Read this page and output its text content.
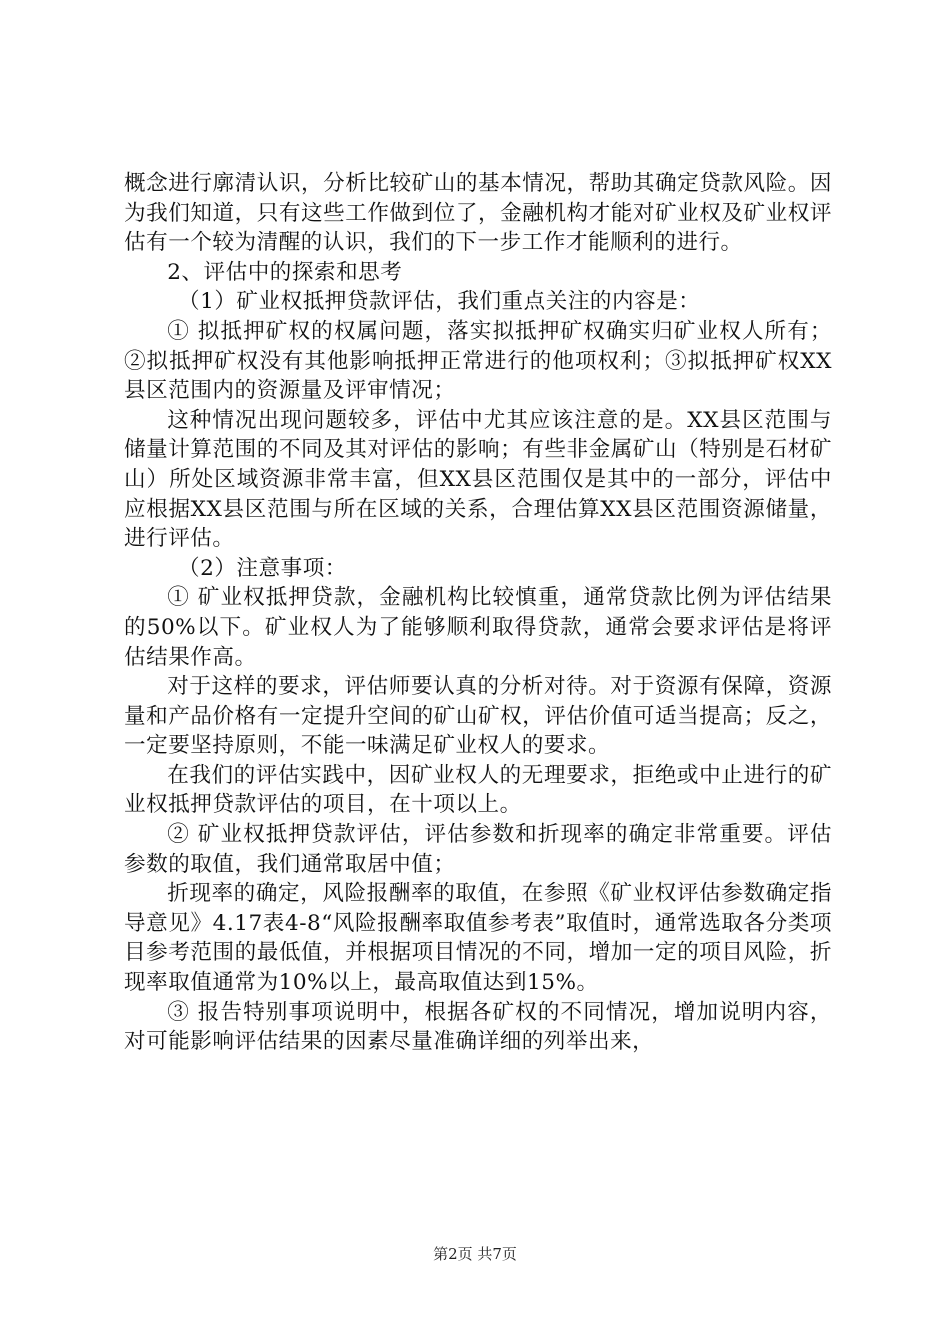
概念进行廓清认识，分析比较矿山的基本情况，帮助其确定贷款风险。因为我们知道，只有这些工作做到位了，金融机构才能对矿业权及矿业权评估有一个较为清醒的认识，我们的下一步工作才能顺利的进行。

2、评估中的探索和思考

（1）矿业权抵押贷款评估，我们重点关注的内容是：

① 拟抵押矿权的权属问题，落实拟抵押矿权确实归矿业权人所有；②拟抵押矿权没有其他影响抵押正常进行的他项权利；③拟抵押矿权XX县区范围内的资源量及评审情况；

这种情况出现问题较多，评估中尤其应该注意的是。XX县区范围与储量计算范围的不同及其对评估的影响；有些非金属矿山（特别是石材矿山）所处区域资源非常丰富，但XX县区范围仅是其中的一部分，评估中应根据XX县区范围与所在区域的关系，合理估算XX县区范围资源储量，进行评估。

（2）注意事项：

① 矿业权抵押贷款，金融机构比较慎重，通常贷款比例为评估结果的50%以下。矿业权人为了能够顺利取得贷款，通常会要求评估是将评估结果作高。

对于这样的要求，评估师要认真的分析对待。对于资源有保障，资源量和产品价格有一定提升空间的矿山矿权，评估价值可适当提高；反之，一定要坚持原则，不能一味满足矿业权人的要求。

在我们的评估实践中，因矿业权人的无理要求，拒绝或中止进行的矿业权抵押贷款评估的项目，在十项以上。

② 矿业权抵押贷款评估，评估参数和折现率的确定非常重要。评估参数的取值，我们通常取居中值；

折现率的确定，风险报酬率的取值，在参照《矿业权评估参数确定指导意见》4.17表4-8“风险报酬率取值参考表”取值时，通常选取各分类项目参考范围的最低值，并根据项目情况的不同，增加一定的项目风险，折现率取值通常为10%以上，最高取值达到15%。

③ 报告特别事项说明中，根据各矿权的不同情况，增加说明内容，对可能影响评估结果的因素尽量准确详细的列举出来，

第2页 共7页
